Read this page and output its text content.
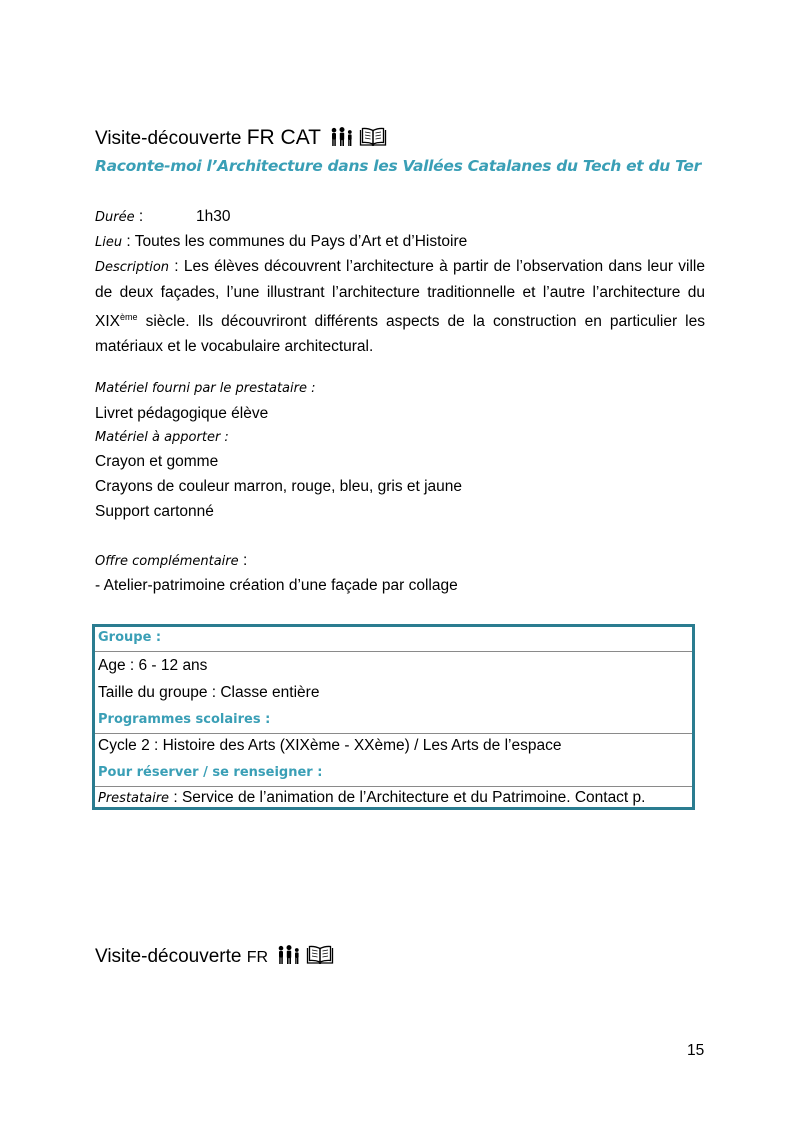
Visite-découverte FR CAT
Raconte-moi l’Architecture dans les Vallées Catalanes du Tech et du Ter
Durée :	1h30
Lieu : Toutes les communes du Pays d’Art et d’Histoire
Description : Les élèves découvrent l’architecture à partir de l’observation dans leur ville de deux façades, l’une illustrant l’architecture traditionnelle et l’autre l’architecture du XIXème siècle. Ils découvriront différents aspects de la construction en particulier les matériaux et le vocabulaire architectural.
Matériel fourni par le prestataire :
Livret pédagogique élève
Matériel à apporter :
Crayon et gomme
Crayons de couleur marron, rouge, bleu, gris et jaune
Support cartonné
Offre complémentaire :
- Atelier-patrimoine création d’une façade par collage
Groupe :
Age : 6 - 12 ans
Taille du groupe : Classe entière
Programmes scolaires :
Cycle 2 : Histoire des Arts (XIXème - XXème) / Les Arts de l’espace
Pour réserver / se renseigner :
Prestataire : Service de l’animation de l’Architecture et du Patrimoine. Contact p.
Visite-découverte FR
15
